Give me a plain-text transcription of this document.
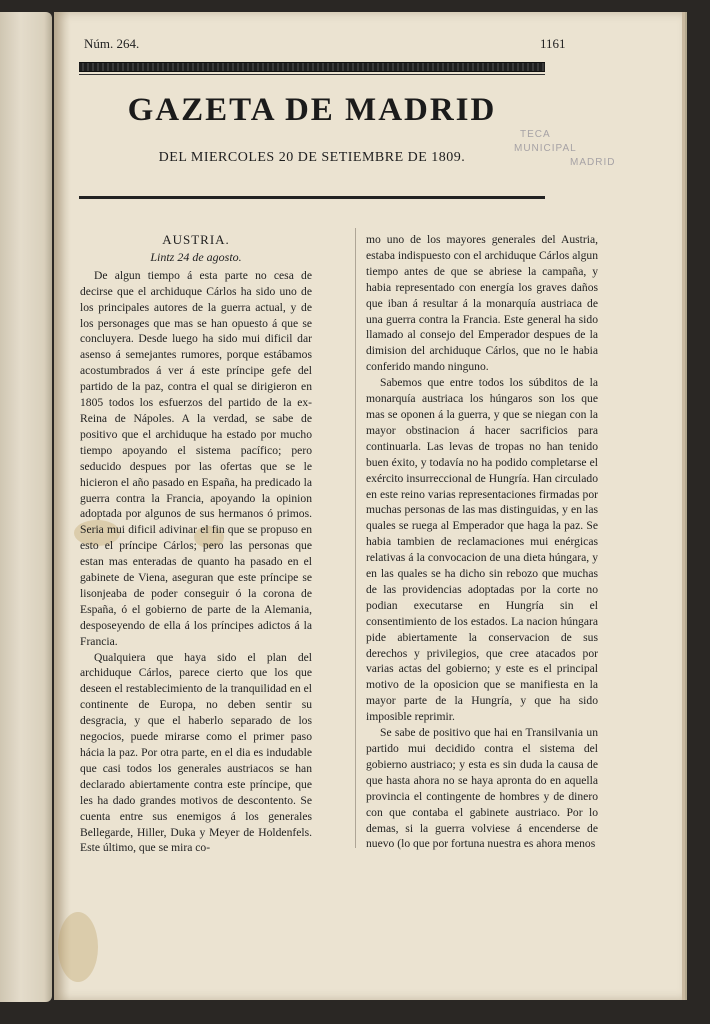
Núm. 264.	1161
GAZETA DE MADRID
DEL MIERCOLES 20 DE SETIEMBRE DE 1809.
TECA
MUNICIPAL
MADRID
AUSTRIA.
Lintz 24 de agosto.

De algun tiempo á esta parte no cesa de decirse que el archiduque Cárlos ha sido uno de los principales autores de la guerra actual, y de los personages que mas se han opuesto á que se concluyera. Desde luego ha sido mui dificil dar asenso á semejantes rumores, porque estábamos acostumbrados á ver á este príncipe gefe del partido de la paz, contra el qual se dirigieron en 1805 todos los esfuerzos del partido de la ex-Reina de Nápoles. A la verdad, se sabe de positivo que el archiduque ha estado por mucho tiempo apoyando el sistema pacífico; pero seducido despues por las ofertas que se le hicieron el año pasado en España, ha predicado la guerra contra la Francia, apoyando la opinion adoptada por algunos de sus hermanos ó primos. Seria mui dificil adivinar el fin que se propuso en esto el príncipe Cárlos; pero las personas que estan mas enteradas de quanto ha pasado en el gabinete de Viena, aseguran que este príncipe se lisonjeaba de poder conseguir ó la corona de España, ó el gobierno de parte de la Alemania, desposeyendo de ella á los príncipes adictos á la Francia.

Qualquiera que haya sido el plan del archiduque Cárlos, parece cierto que los que deseen el restablecimiento de la tranquilidad en el continente de Europa, no deben sentir su desgracia, y que el haberlo separado de los negocios, puede mirarse como el primer paso hácia la paz. Por otra parte, en el dia es indudable que casi todos los generales austriacos se han declarado abiertamente contra este príncipe, que les ha dado grandes motivos de descontento. Se cuenta entre sus enemigos á los generales Bellegarde, Hiller, Duka y Meyer de Holdenfels. Este último, que se mira co-

mo uno de los mayores generales del Austria, estaba indispuesto con el archiduque Cárlos algun tiempo antes de que se abriese la campaña, y habia representado con energía los graves daños que iban á resultar á la monarquía austriaca de una guerra contra la Francia. Este general ha sido llamado al consejo del Emperador despues de la dimision del archiduque Cárlos, que no le habia conferido mando ninguno.

Sabemos que entre todos los súbditos de la monarquía austriaca los húngaros son los que mas se oponen á la guerra, y que se niegan con la mayor obstinacion á hacer sacrificios para continuarla. Las levas de tropas no han tenido buen éxito, y todavía no ha podido completarse el exército insurreccional de Hungría. Han circulado en este reino varias representaciones firmadas por muchas personas de las mas distinguidas, y en las quales se ruega al Emperador que haga la paz. Se habia tambien de reclamaciones mui enérgicas relativas á la convocacion de una dieta húngara, y en las quales se ha dicho sin rebozo que muchas de las providencias adoptadas por la corte no podian executarse en Hungría sin el consentimiento de los estados. La nacion húngara pide abiertamente la conservacion de sus derechos y privilegios, que cree atacados por varias actas del gobierno; y este es el principal motivo de la oposicion que se manifiesta en la mayor parte de la Hungría, y que ha sido imposible reprimir.

Se sabe de positivo que hai en Transilvania un partido mui decidido contra el sistema del gobierno austriaco; y esta es sin duda la causa de que hasta ahora no se haya apronta do en aquella provincia el contingente de hombres y de dinero con que contaba el gabinete austriaco. Por lo demas, si la guerra volviese á encenderse de nuevo (lo que por fortuna nuestra es ahora menos
